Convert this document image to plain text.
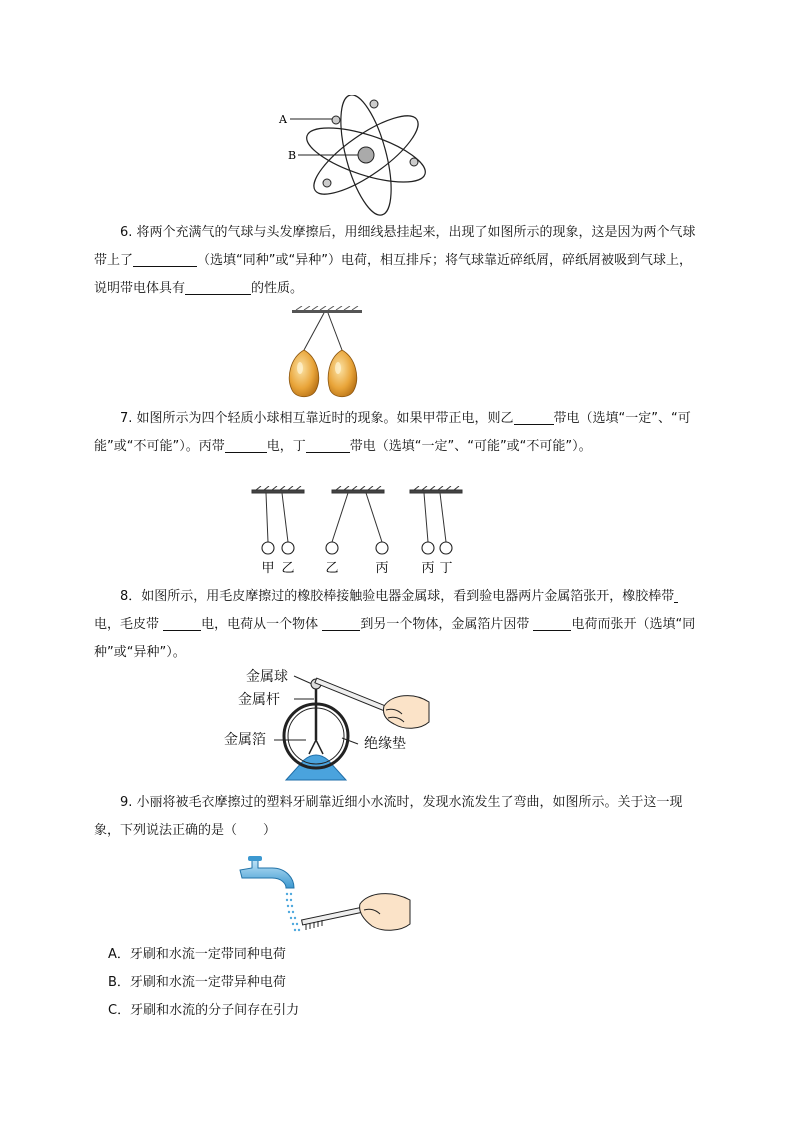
A
B

6. 将两个充满气的气球与头发摩擦后，用细线悬挂起来，出现了如图所示的现象，这是因为两个气球带上了	（选填“同种”或“异种”）电荷，相互排斥；将气球靠近碎纸屑，碎纸屑被吸到气球上，说明带电体具有	的性质。

7. 如图所示为四个轻质小球相互靠近时的现象。如果甲带正电，则乙	带电（选填“一定”、“可能”或“不可能”）。丙带	电，丁	带电（选填“一定”、“可能”或“不可能”）。

甲 乙 乙	丙	丙 丁

8．如图所示，用毛皮摩擦过的橡胶棒接触验电器金属球，看到验电器两片金属箔张开，橡胶棒带电，毛皮带	电，电荷从一个物体	到另一个物体，金属箔片因带	电荷而张开（选填“同种”或“异种”）。

金属球
金属杆
金属箔	绝缘垫

9. 小丽将被毛衣摩擦过的塑料牙刷靠近细小水流时，发现水流发生了弯曲，如图所示。关于这一现象，下列说法正确的是（　　）

A．牙刷和水流一定带同种电荷
B．牙刷和水流一定带异种电荷
C．牙刷和水流的分子间存在引力
